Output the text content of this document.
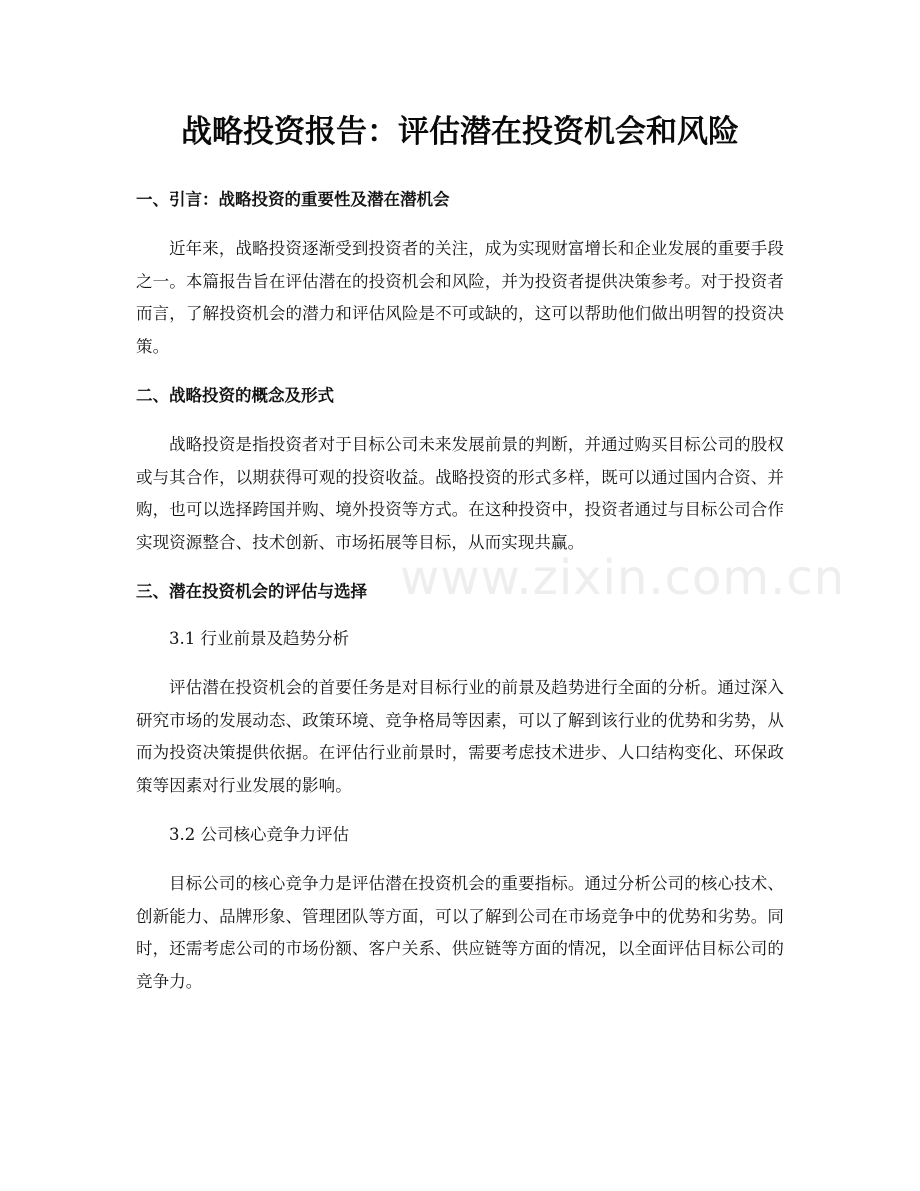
www.zixin.com.cn
战略投资报告：评估潜在投资机会和风险
一、引言：战略投资的重要性及潜在潜机会

近年来，战略投资逐渐受到投资者的关注，成为实现财富增长和企业发展的重要手段之一。本篇报告旨在评估潜在的投资机会和风险，并为投资者提供决策参考。对于投资者而言，了解投资机会的潜力和评估风险是不可或缺的，这可以帮助他们做出明智的投资决策。

二、战略投资的概念及形式

战略投资是指投资者对于目标公司未来发展前景的判断，并通过购买目标公司的股权或与其合作，以期获得可观的投资收益。战略投资的形式多样，既可以通过国内合资、并购，也可以选择跨国并购、境外投资等方式。在这种投资中，投资者通过与目标公司合作实现资源整合、技术创新、市场拓展等目标，从而实现共赢。

三、潜在投资机会的评估与选择
3.1 行业前景及趋势分析

评估潜在投资机会的首要任务是对目标行业的前景及趋势进行全面的分析。通过深入研究市场的发展动态、政策环境、竞争格局等因素，可以了解到该行业的优势和劣势，从而为投资决策提供依据。在评估行业前景时，需要考虑技术进步、人口结构变化、环保政策等因素对行业发展的影响。

3.2 公司核心竞争力评估

目标公司的核心竞争力是评估潜在投资机会的重要指标。通过分析公司的核心技术、创新能力、品牌形象、管理团队等方面，可以了解到公司在市场竞争中的优势和劣势。同时，还需考虑公司的市场份额、客户关系、供应链等方面的情况，以全面评估目标公司的竞争力。
